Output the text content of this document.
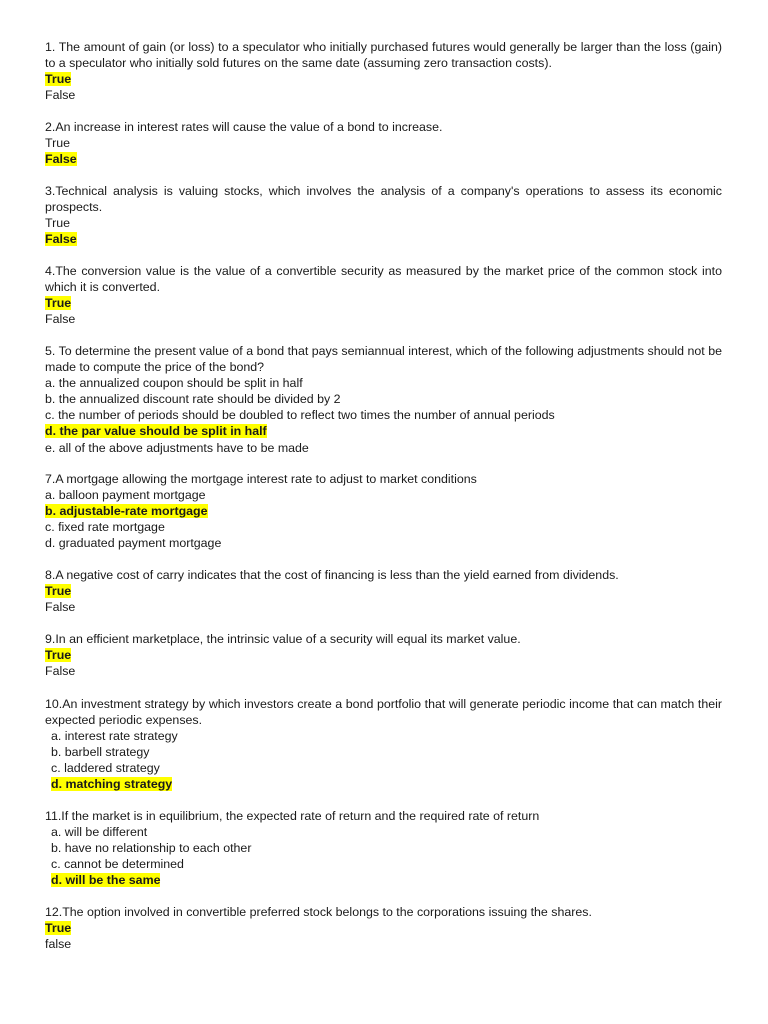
1. The amount of gain (or loss) to a speculator who initially purchased futures would generally be larger than the loss (gain) to a speculator who initially sold futures on the same date (assuming zero transaction costs).

True
False

2.An increase in interest rates will cause the value of a bond to increase.

True
False

3.Technical analysis is valuing stocks, which involves the analysis of a company's operations to assess its economic prospects.

True
False

4.The conversion value is the value of a convertible security as measured by the market price of the common stock into which it is converted.

True
False

5. To determine the present value of a bond that pays semiannual interest, which of the following adjustments should not be made to compute the price of the bond?

a. the annualized coupon should be split in half
b. the annualized discount rate should be divided by 2
c. the number of periods should be doubled to reflect two times the number of annual periods
d. the par value should be split in half
e. all of the above adjustments have to be made

7.A mortgage allowing the mortgage interest rate to adjust to market conditions

a. balloon payment mortgage
b. adjustable-rate mortgage
c. fixed rate mortgage
d. graduated payment mortgage

8.A negative cost of carry indicates that the cost of financing is less than the yield earned from dividends.

True
False

9.In an efficient marketplace, the intrinsic value of a security will equal its market value.

True
False

10.An investment strategy by which investors create a bond portfolio that will generate periodic income that can match their expected periodic expenses.

a. interest rate strategy
b. barbell strategy
c. laddered strategy
d. matching strategy

11.If the market is in equilibrium, the expected rate of return and the required rate of return

a. will be different
b. have no relationship to each other
c. cannot be determined
d. will be the same

12.The option involved in convertible preferred stock belongs to the corporations issuing the shares.

True
false
